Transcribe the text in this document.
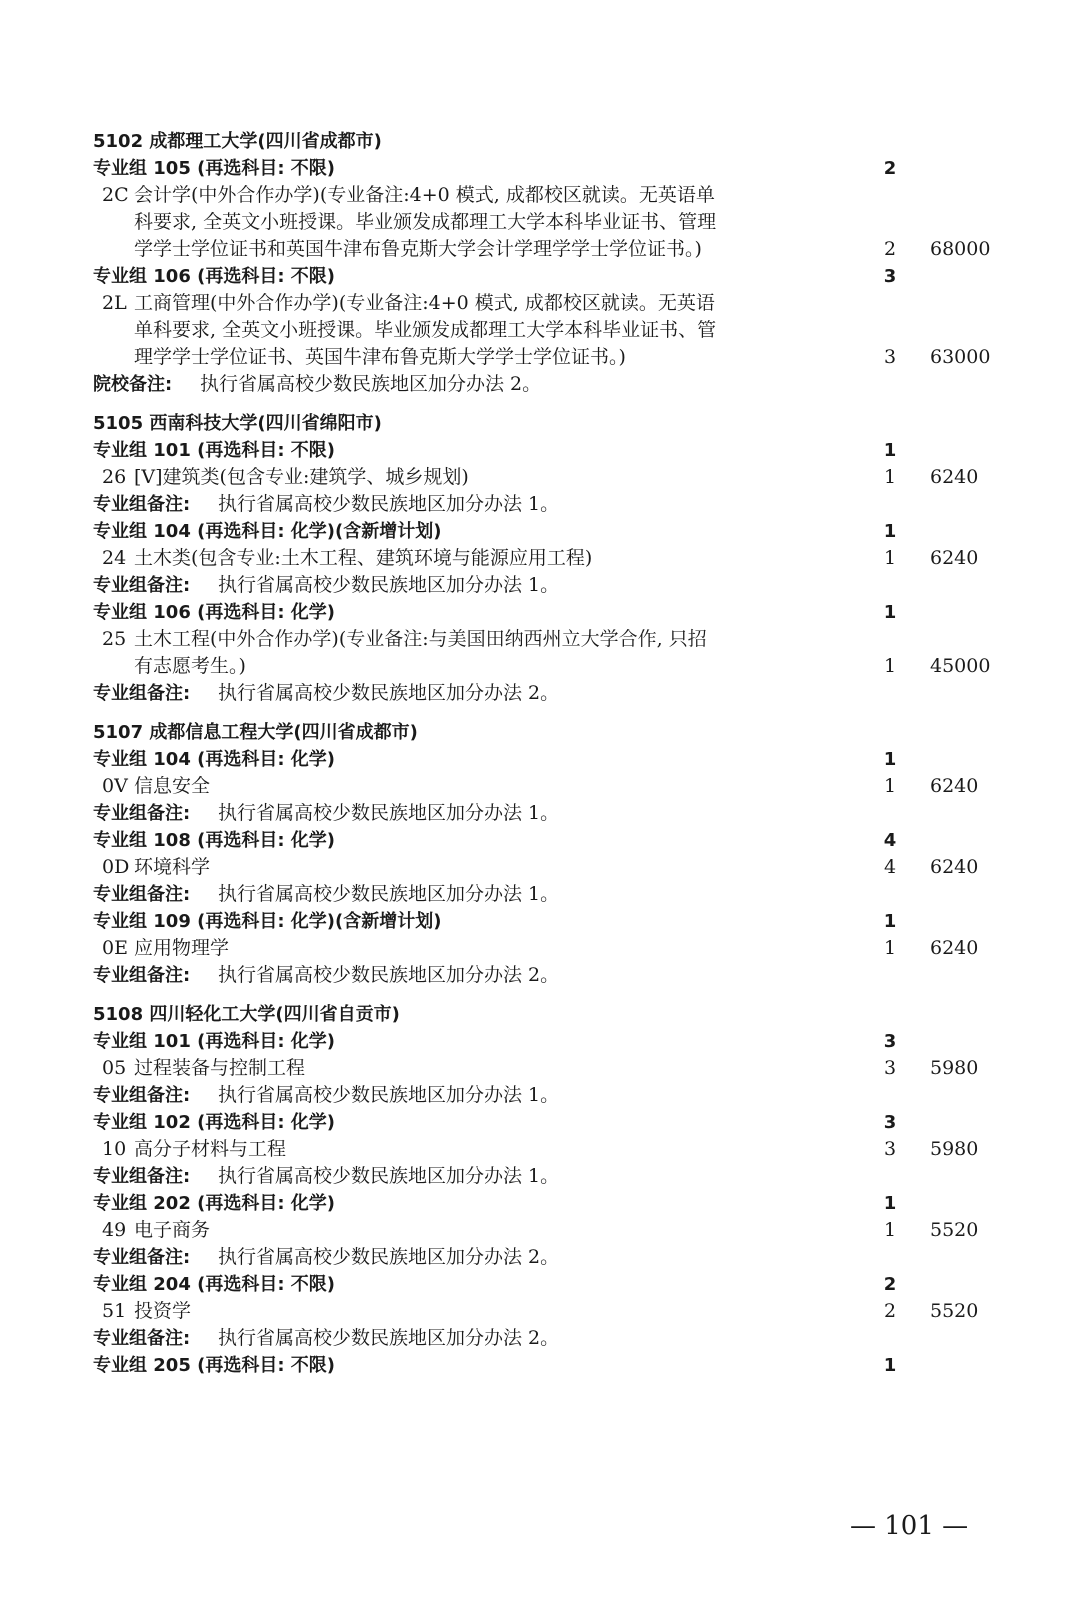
5102 成都理工大学(四川省成都市)
专业组 105 (再选科目: 不限)	2
2C 会计学(中外合作办学)(专业备注:4+0 模式, 成都校区就读。无英语单
科要求, 全英文小班授课。毕业颁发成都理工大学本科毕业证书、管理
学学士学位证书和英国牛津布鲁克斯大学会计学理学学士学位证书。)	2 68000
专业组 106 (再选科目: 不限)	3
2L 工商管理(中外合作办学)(专业备注:4+0 模式, 成都校区就读。无英语
单科要求, 全英文小班授课。毕业颁发成都理工大学本科毕业证书、管
理学学士学位证书、英国牛津布鲁克斯大学学士学位证书。)	3 63000
院校备注: 执行省属高校少数民族地区加分办法 2。
5105 西南科技大学(四川省绵阳市)
专业组 101 (再选科目: 不限)	1
26 [V]建筑类(包含专业:建筑学、城乡规划)	1 6240
专业组备注: 执行省属高校少数民族地区加分办法 1。
专业组 104 (再选科目: 化学)(含新增计划)	1
24 土木类(包含专业:土木工程、建筑环境与能源应用工程)	1 6240
专业组备注: 执行省属高校少数民族地区加分办法 1。
专业组 106 (再选科目: 化学)	1
25 土木工程(中外合作办学)(专业备注:与美国田纳西州立大学合作, 只招
有志愿考生。)	1 45000
专业组备注: 执行省属高校少数民族地区加分办法 2。
5107 成都信息工程大学(四川省成都市)
专业组 104 (再选科目: 化学)	1
0V 信息安全	1 6240
专业组备注: 执行省属高校少数民族地区加分办法 1。
专业组 108 (再选科目: 化学)	4
0D 环境科学	4 6240
专业组备注: 执行省属高校少数民族地区加分办法 1。
专业组 109 (再选科目: 化学)(含新增计划)	1
0E 应用物理学	1 6240
专业组备注: 执行省属高校少数民族地区加分办法 2。
5108 四川轻化工大学(四川省自贡市)
专业组 101 (再选科目: 化学)	3
05 过程装备与控制工程	3 5980
专业组备注: 执行省属高校少数民族地区加分办法 1。
专业组 102 (再选科目: 化学)	3
10 高分子材料与工程	3 5980
专业组备注: 执行省属高校少数民族地区加分办法 1。
专业组 202 (再选科目: 化学)	1
49 电子商务	1 5520
专业组备注: 执行省属高校少数民族地区加分办法 2。
专业组 204 (再选科目: 不限)	2
51 投资学	2 5520
专业组备注: 执行省属高校少数民族地区加分办法 2。
专业组 205 (再选科目: 不限)	1
— 101 —
